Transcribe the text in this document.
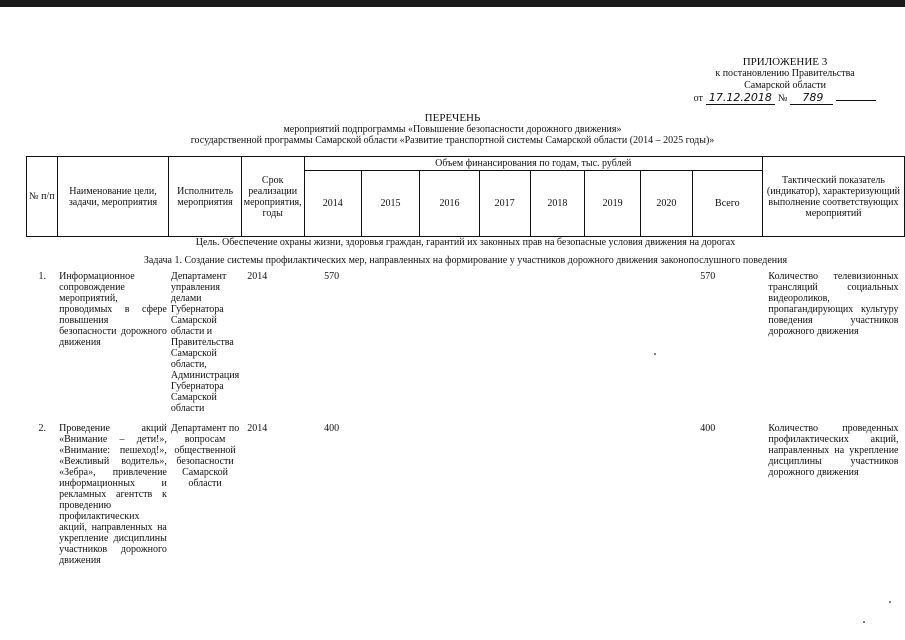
ПРИЛОЖЕНИЕ 3
к постановлению Правительства
Самарской области
от 17.12.2018 №	789
ПЕРЕЧЕНЬ
мероприятий подпрограммы «Повышение безопасности дорожного движения»
государственной программы Самарской области «Развитие транспортной системы Самарской области (2014 – 2025 годы)»
№ п/п	Наименование цели, задачи, мероприятия	Исполнитель мероприятия	Срок реализации мероприятия, годы	Объем финансирования по годам, тыс. рублей								Тактический показатель (индикатор), характеризующий выполнение соответствующих мероприятий
				2014	2015	2016	2017	2018	2019	2020	Всего	
Цель. Обеспечение охраны жизни, здоровья граждан, гарантий их законных прав на безопасные условия движения на дорогах												
Задача 1. Создание системы профилактических мер, направленных на формирование у участников дорожного движения законопослушного поведения												
1.	Информационное сопровождение мероприятий, проводимых в сфере повышения безопасности дорожного движения	Департамент управления делами Губернатора Самарской области и Правительства Самарской области, Администрация Губернатора Самарской области	2014	570							570	Количество телевизионных трансляций социальных видеороликов, пропагандирующих культуру поведения участников дорожного движения
2.	Проведение акций «Внимание – дети!», «Внимание: пешеход!», «Вежливый водитель», «Зебра», привлечение информационных и рекламных агентств к проведению профилактических акций, направленных на укрепление дисциплины участников дорожного движения	Департамент по вопросам общественной безопасности Самарской области	2014	400							400	Количество проведенных профилактических акций, направленных на укрепление дисциплины участников дорожного движения
